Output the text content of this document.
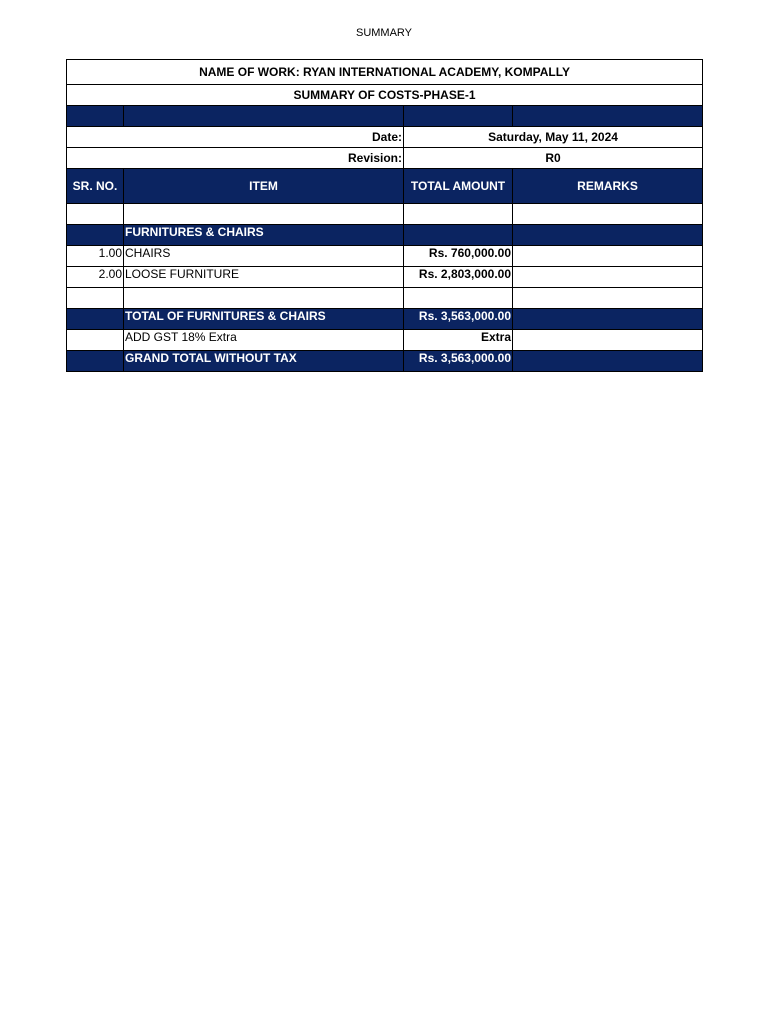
SUMMARY
NAME OF WORK: RYAN INTERNATIONAL ACADEMY, KOMPALLY			
SUMMARY OF COSTS-PHASE-1			

Date:		Saturday, May 11, 2024	
Revision:		R0	
SR. NO.	ITEM	TOTAL AMOUNT	REMARKS

	FURNITURES & CHAIRS		
1.00	CHAIRS	Rs. 760,000.00	
2.00	LOOSE FURNITURE	Rs. 2,803,000.00	

	TOTAL OF FURNITURES & CHAIRS	Rs. 3,563,000.00	
	ADD GST 18% Extra	Extra	
	GRAND TOTAL WITHOUT TAX	Rs. 3,563,000.00	
